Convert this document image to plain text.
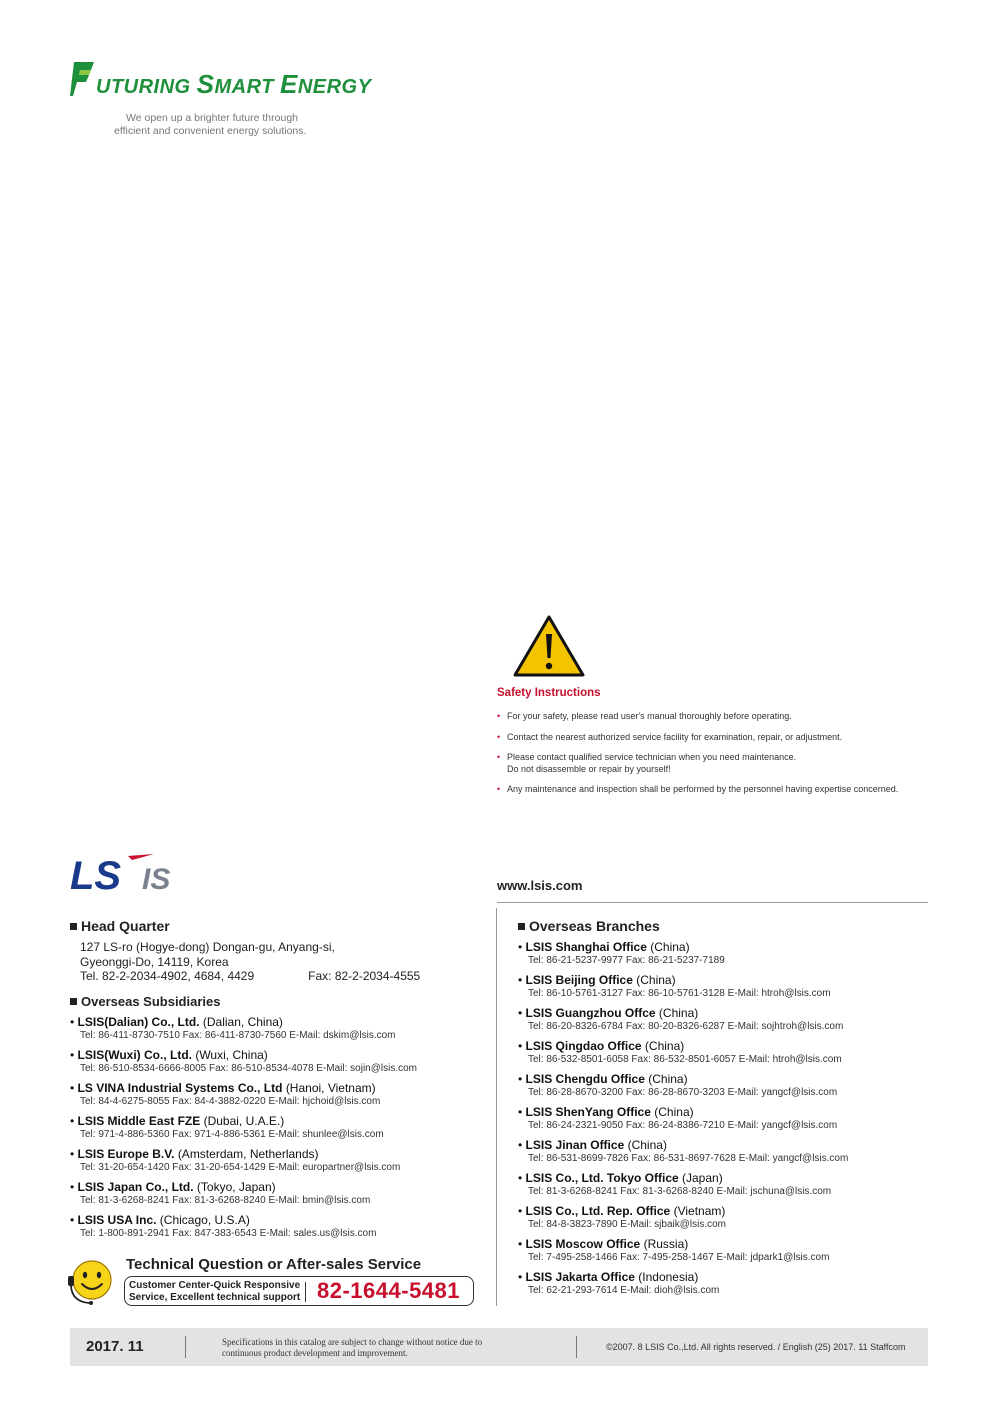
UTURING SMART ENERGY
We open up a brighter future through
efficient and convenient energy solutions.
Safety Instructions
• For your safety, please read user's manual thoroughly before operating.
• Contact the nearest authorized service facility for examination, repair, or adjustment.
• Please contact qualified service technician when you need maintenance.
Do not disassemble or repair by yourself!
• Any maintenance and inspection shall be performed by the personnel having expertise concerned.
LS IS	www.lsis.com
Head Quarter
127 LS-ro (Hogye-dong) Dongan-gu, Anyang-si,
Gyeonggi-Do, 14119, Korea
Tel. 82-2-2034-4902, 4684, 4429	Fax: 82-2-2034-4555
Overseas Subsidiaries
• LSIS(Dalian) Co., Ltd. (Dalian, China)
Tel: 86-411-8730-7510 Fax: 86-411-8730-7560 E-Mail: dskim@lsis.com
• LSIS(Wuxi) Co., Ltd. (Wuxi, China)
Tel: 86-510-8534-6666-8005 Fax: 86-510-8534-4078 E-Mail: sojin@lsis.com
• LS VINA Industrial Systems Co., Ltd (Hanoi, Vietnam)
Tel: 84-4-6275-8055 Fax: 84-4-3882-0220 E-Mail: hjchoid@lsis.com
• LSIS Middle East FZE (Dubai, U.A.E.)
Tel: 971-4-886-5360 Fax: 971-4-886-5361 E-Mail: shunlee@lsis.com
• LSIS Europe B.V. (Amsterdam, Netherlands)
Tel: 31-20-654-1420 Fax: 31-20-654-1429 E-Mail: europartner@lsis.com
• LSIS Japan Co., Ltd. (Tokyo, Japan)
Tel: 81-3-6268-8241 Fax: 81-3-6268-8240 E-Mail: bmin@lsis.com
• LSIS USA Inc. (Chicago, U.S.A)
Tel: 1-800-891-2941 Fax: 847-383-6543 E-Mail: sales.us@lsis.com
Overseas Branches
• LSIS Shanghai Office (China)
Tel: 86-21-5237-9977 Fax: 86-21-5237-7189
• LSIS Beijing Office (China)
Tel: 86-10-5761-3127 Fax: 86-10-5761-3128 E-Mail: htroh@lsis.com
• LSIS Guangzhou Offce (China)
Tel: 86-20-8326-6784 Fax: 80-20-8326-6287 E-Mail: sojhtroh@lsis.com
• LSIS Qingdao Office (China)
Tel: 86-532-8501-6058 Fax: 86-532-8501-6057 E-Mail: htroh@lsis.com
• LSIS Chengdu Office (China)
Tel: 86-28-8670-3200 Fax: 86-28-8670-3203 E-Mail: yangcf@lsis.com
• LSIS ShenYang Office (China)
Tel: 86-24-2321-9050 Fax: 86-24-8386-7210 E-Mail: yangcf@lsis.com
• LSIS Jinan Office (China)
Tel: 86-531-8699-7826 Fax: 86-531-8697-7628 E-Mail: yangcf@lsis.com
• LSIS Co., Ltd. Tokyo Office (Japan)
Tel: 81-3-6268-8241 Fax: 81-3-6268-8240 E-Mail: jschuna@lsis.com
• LSIS Co., Ltd. Rep. Office (Vietnam)
Tel: 84-8-3823-7890 E-Mail: sjbaik@lsis.com
• LSIS Moscow Office (Russia)
Tel: 7-495-258-1466 Fax: 7-495-258-1467 E-Mail: jdpark1@lsis.com
• LSIS Jakarta Office (Indonesia)
Tel: 62-21-293-7614 E-Mail: dioh@lsis.com
Technical Question or After-sales Service
Customer Center-Quick Responsive
Service, Excellent technical support 82-1644-5481
2017. 11	Specifications in this catalog are subject to change without notice due to
continuous product development and improvement.
©2007. 8 LSIS Co.,Ltd. All rights reserved. / English (25) 2017. 11 Staffcom
